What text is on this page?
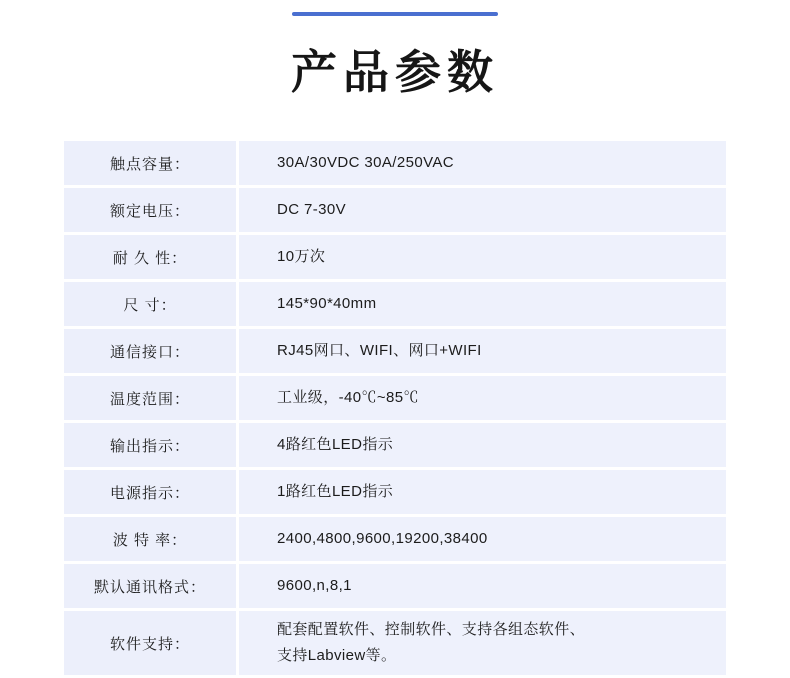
产品参数
触点容量：		30A/30VDC 30A/250VAC

额定电压：		DC 7-30V

耐 久 性：		10万次

尺 寸：		145*90*40mm

通信接口：		RJ45网口、WIFI、网口+WIFI

温度范围：		工业级，-40℃~85℃

输出指示：		4路红色LED指示

电源指示：		1路红色LED指示

波 特 率：		2400,4800,9600,19200,38400

默认通讯格式：		9600,n,8,1

软件支持：		配套配置软件、控制软件、支持各组态软件、
支持Labview等。
